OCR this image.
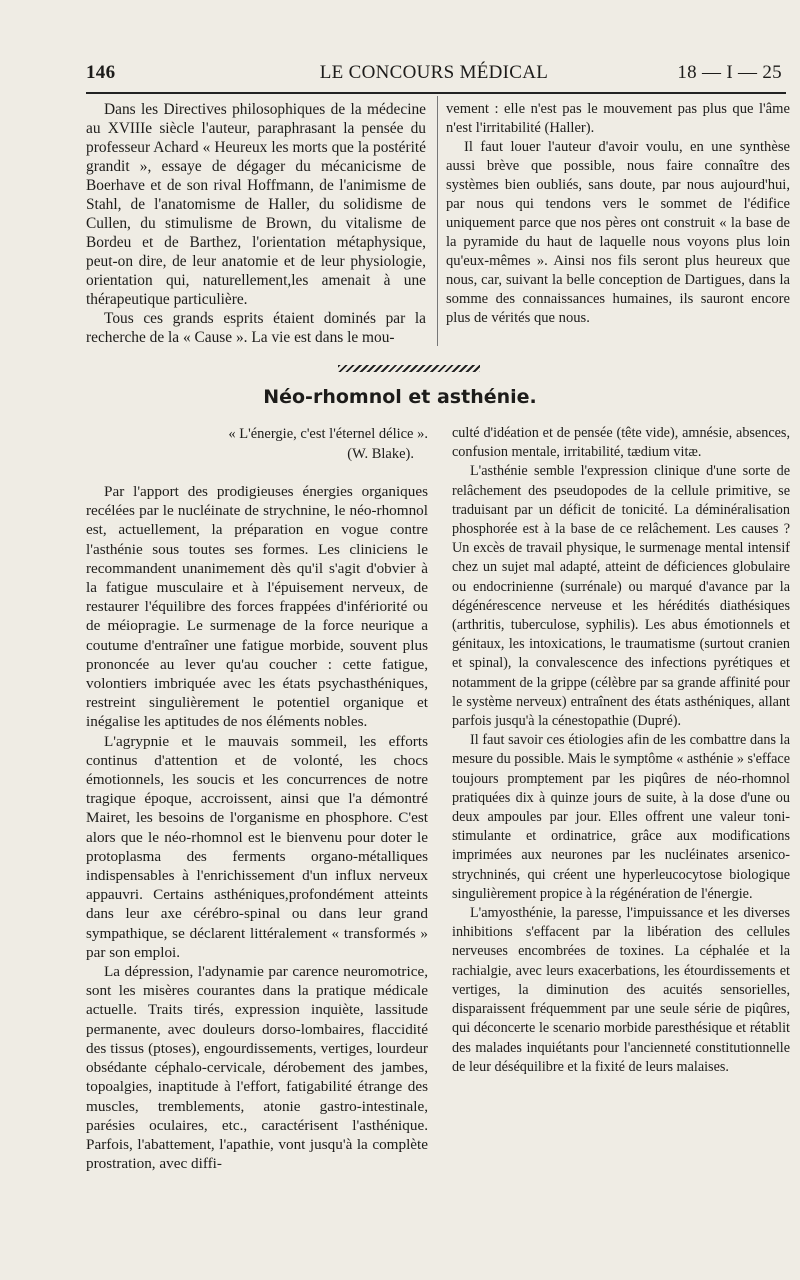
146	LE CONCOURS MÉDICAL	18 — I — 25

Dans les Directives philosophiques de la médecine au XVIIIe siècle l'auteur, paraphrasant la pensée du professeur Achard « Heureux les morts que la postérité grandit », essaye de dégager du mécanicisme de Boerhave et de son rival Hoffmann, de l'animisme de Stahl, de l'anatomisme de Haller, du solidisme de Cullen, du stimulisme de Brown, du vitalisme de Bordeu et de Barthez, l'orientation métaphysique, peut-on dire, de leur anatomie et de leur physiologie, orientation qui, naturellement,les amenait à une thérapeutique particulière.

Tous ces grands esprits étaient dominés par la recherche de la « Cause ». La vie est dans le mou-

vement : elle n'est pas le mouvement pas plus que l'âme n'est l'irritabilité (Haller).

Il faut louer l'auteur d'avoir voulu, en une synthèse aussi brève que possible, nous faire connaître des systèmes bien oubliés, sans doute, par nous aujourd'hui, par nous qui tendons vers le sommet de l'édifice uniquement parce que nos pères ont construit « la base de la pyramide du haut de laquelle nous voyons plus loin qu'eux-mêmes ». Ainsi nos fils seront plus heureux que nous, car, suivant la belle conception de Dartigues, dans la somme des connaissances humaines, ils sauront encore plus de vérités que nous.

Néo-rhomnol et asthénie.
« L'énergie, c'est l'éternel délice ».
(W. Blake).

Par l'apport des prodigieuses énergies organiques recélées par le nucléinate de strychnine, le néo-rhomnol est, actuellement, la préparation en vogue contre l'asthénie sous toutes ses formes. Les cliniciens le recommandent unanimement dès qu'il s'agit d'obvier à la fatigue musculaire et à l'épuisement nerveux, de restaurer l'équilibre des forces frappées d'infériorité ou de méiopragie. Le surmenage de la force neurique a coutume d'entraîner une fatigue morbide, souvent plus prononcée au lever qu'au coucher : cette fatigue, volontiers imbriquée avec les états psychasthéniques, restreint singulièrement le potentiel organique et inégalise les aptitudes de nos éléments nobles.

L'agrypnie et le mauvais sommeil, les efforts continus d'attention et de volonté, les chocs émotionnels, les soucis et les concurrences de notre tragique époque, accroissent, ainsi que l'a démontré Mairet, les besoins de l'organisme en phosphore. C'est alors que le néo-rhomnol est le bienvenu pour doter le protoplasma des ferments organo-métalliques indispensables à l'enrichissement d'un influx nerveux appauvri. Certains asthéniques,profondément atteints dans leur axe cérébro-spinal ou dans leur grand sympathique, se déclarent littéralement « transformés » par son emploi.

La dépression, l'adynamie par carence neuromotrice, sont les misères courantes dans la pratique médicale actuelle. Traits tirés, expression inquiète, lassitude permanente, avec douleurs dorso-lombaires, flaccidité des tissus (ptoses), engourdissements, vertiges, lourdeur obsédante céphalo-cervicale, dérobement des jambes, topoalgies, inaptitude à l'effort, fatigabilité étrange des muscles, tremblements, atonie gastro-intestinale, parésies oculaires, etc., caractérisent l'asthénique. Parfois, l'abattement, l'apathie, vont jusqu'à la complète prostration, avec diffi-

culté d'idéation et de pensée (tête vide), amnésie, absences, confusion mentale, irritabilité, tædium vitæ.

L'asthénie semble l'expression clinique d'une sorte de relâchement des pseudopodes de la cellule primitive, se traduisant par un déficit de tonicité. La déminéralisation phosphorée est à la base de ce relâchement. Les causes ? Un excès de travail physique, le surmenage mental intensif chez un sujet mal adapté, atteint de déficiences globulaire ou endocrinienne (surrénale) ou marqué d'avance par la dégénérescence nerveuse et les hérédités diathésiques (arthritis, tuberculose, syphilis). Les abus émotionnels et génitaux, les intoxications, le traumatisme (surtout cranien et spinal), la convalescence des infections pyrétiques et notamment de la grippe (célèbre par sa grande affinité pour le système nerveux) entraînent des états asthéniques, allant parfois jusqu'à la cénestopathie (Dupré).

Il faut savoir ces étiologies afin de les combattre dans la mesure du possible. Mais le symptôme « asthénie » s'efface toujours promptement par les piqûres de néo-rhomnol pratiquées dix à quinze jours de suite, à la dose d'une ou deux ampoules par jour. Elles offrent une valeur toni-stimulante et ordinatrice, grâce aux modifications imprimées aux neurones par les nucléinates arsenico-strychninés, qui créent une hyperleucocytose biologique singulièrement propice à la régénération de l'énergie.

L'amyosthénie, la paresse, l'impuissance et les diverses inhibitions s'effacent par la libération des cellules nerveuses encombrées de toxines. La céphalée et la rachialgie, avec leurs exacerbations, les étourdissements et vertiges, la diminution des acuités sensorielles, disparaissent fréquemment par une seule série de piqûres, qui déconcerte le scenario morbide paresthésique et rétablit des malades inquiétants pour l'ancienneté constitutionnelle de leur déséquilibre et la fixité de leurs malaises.
